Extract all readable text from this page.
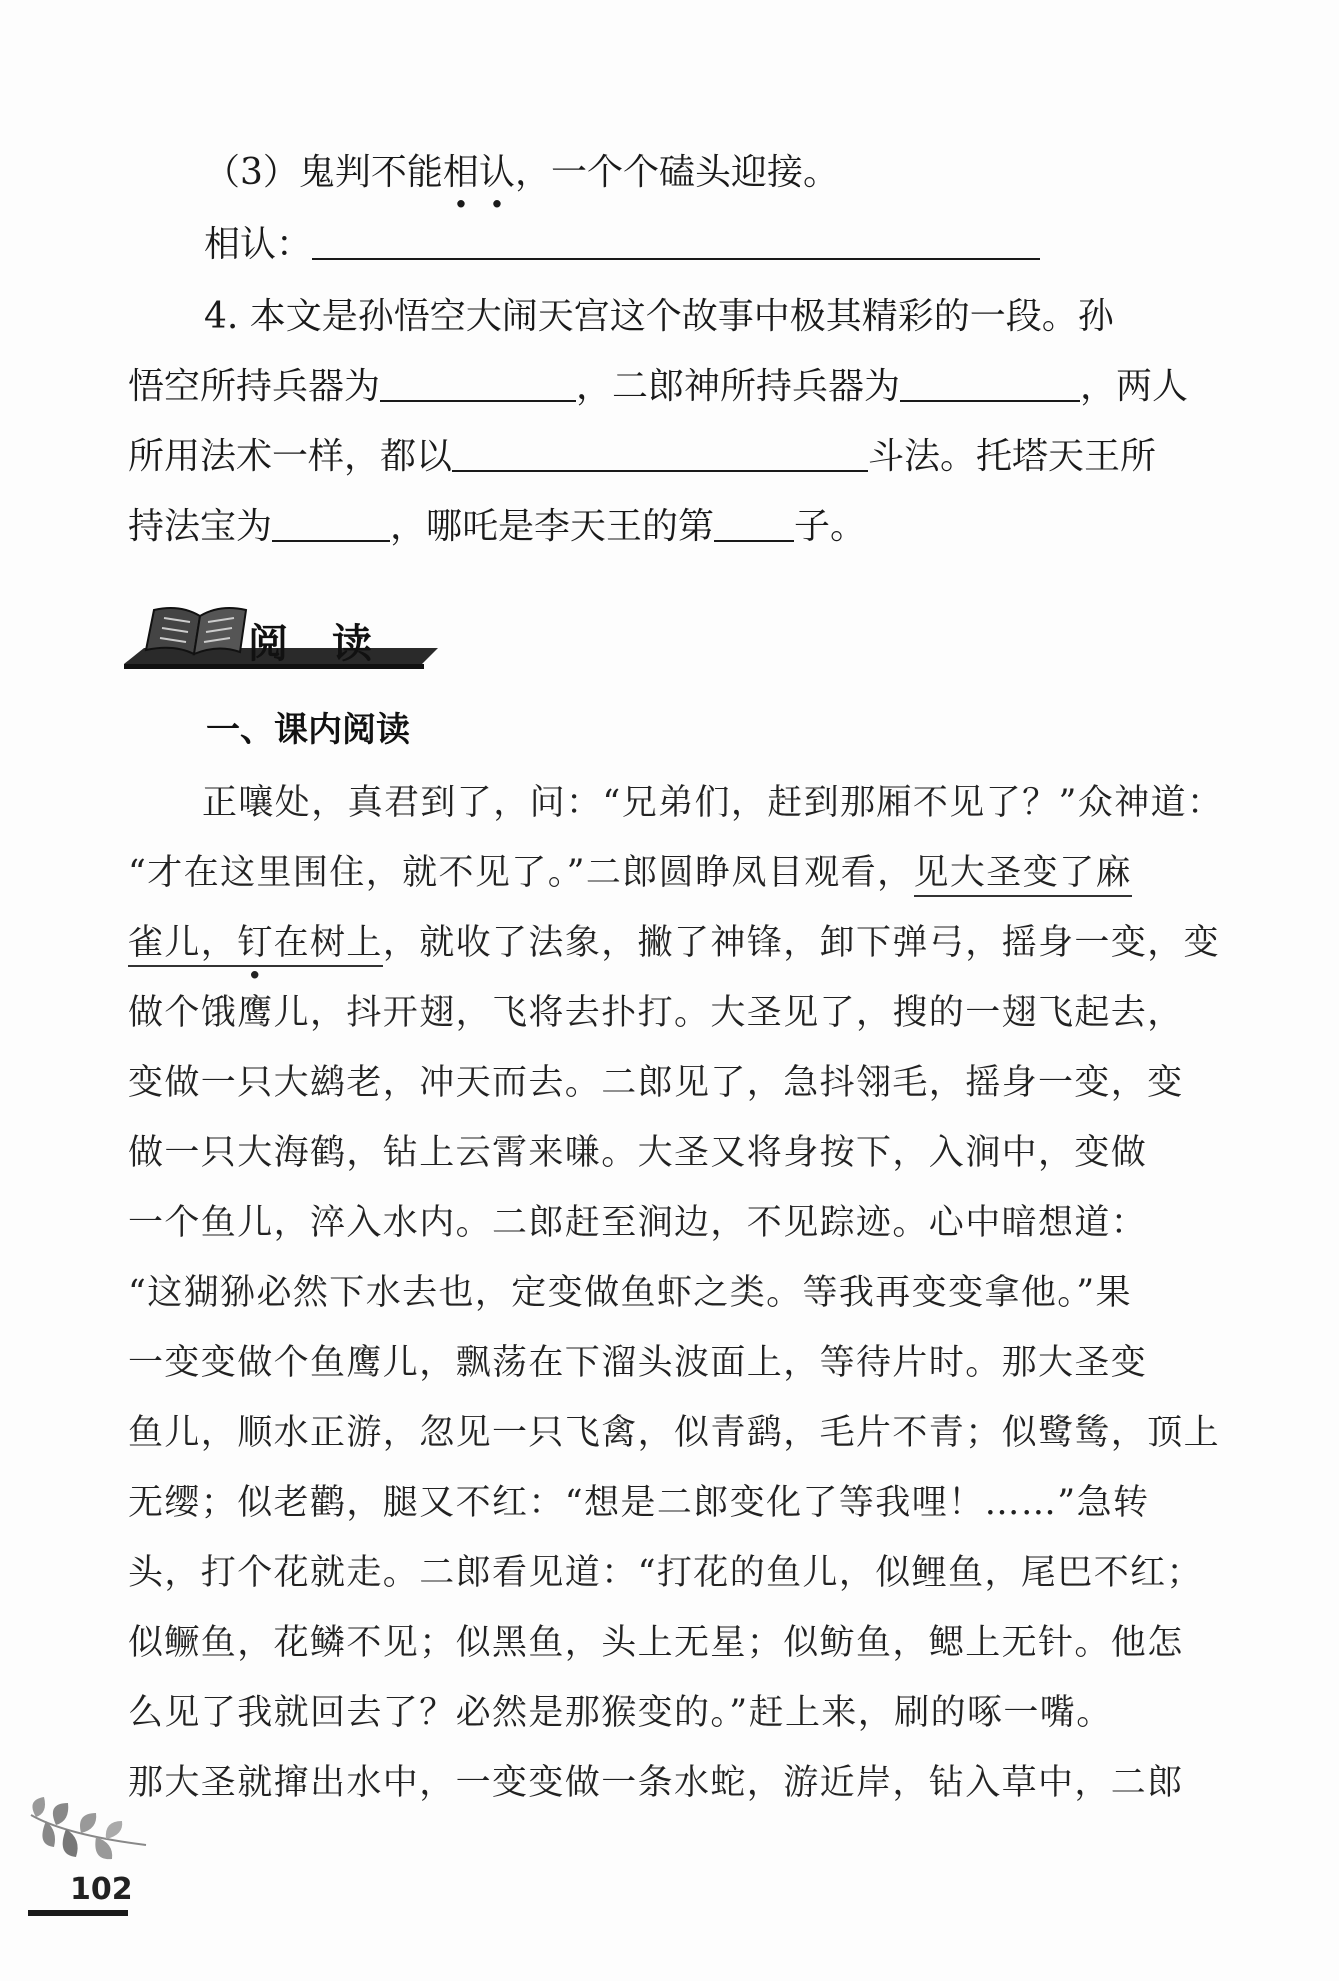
（3）鬼判不能相认，一个个磕头迎接。
相认：
4. 本文是孙悟空大闹天宫这个故事中极其精彩的一段。孙
悟空所持兵器为	，二郎神所持兵器为	，两人
所用法术一样，都以	斗法。托塔天王所
持法宝为	，哪吒是李天王的第 子。
阅读
一、课内阅读
正嚷处，真君到了，问：“兄弟们，赶到那厢不见了？”众神道：
“才在这里围住，就不见了。”二郎圆睁凤目观看，见大圣变了麻
雀儿，钉在树上，就收了法象，撇了神锋，卸下弹弓，摇身一变，变
做个饿鹰儿，抖开翅，飞将去扑打。大圣见了，搜的一翅飞起去，
变做一只大鹚老，冲天而去。二郎见了，急抖翎毛，摇身一变，变
做一只大海鹤，钻上云霄来嗛。大圣又将身按下，入涧中，变做
一个鱼儿，淬入水内。二郎赶至涧边，不见踪迹。心中暗想道：
“这猢狲必然下水去也，定变做鱼虾之类。等我再变变拿他。”果
一变变做个鱼鹰儿，飘荡在下溜头波面上，等待片时。那大圣变
鱼儿，顺水正游，忽见一只飞禽，似青鹞，毛片不青；似鹭鸶，顶上
无缨；似老鹳，腿又不红：“想是二郎变化了等我哩！……”急转
头，打个花就走。二郎看见道：“打花的鱼儿，似鲤鱼，尾巴不红；
似鳜鱼，花鳞不见；似黑鱼，头上无星；似鲂鱼，鳃上无针。他怎
么见了我就回去了？必然是那猴变的。”赶上来，刷的啄一嘴。
那大圣就撺出水中，一变变做一条水蛇，游近岸，钻入草中，二郎
102
